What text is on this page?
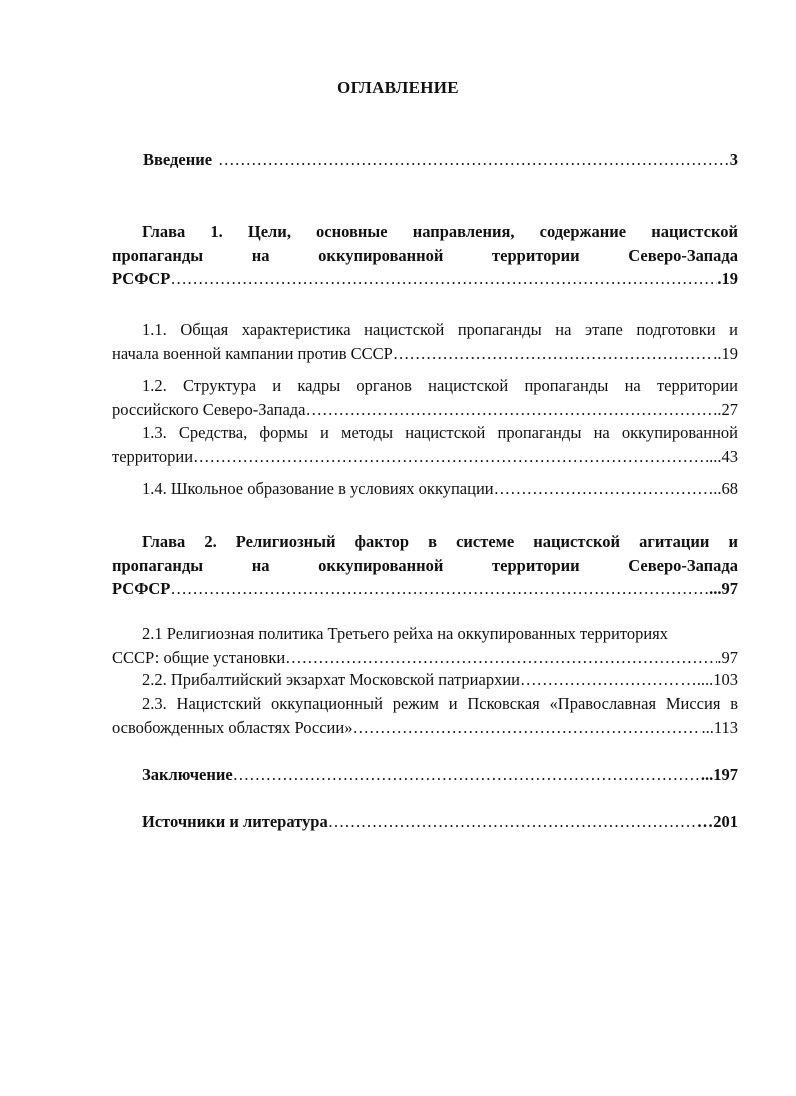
ОГЛАВЛЕНИЕ
Введение ……………………………………………………………………………………………………………………………………………………………………	3
Глава 1. Цели, основные направления, содержание нацистской
пропаганды на оккупированной территории Северо-Запада
РСФСР ……………………………………………………………………………………………………………………………………………………………………	.19
1.1. Общая характеристика нацистской пропаганды на этапе подготовки и
начала военной кампании против СССР ……………………………………………………………………………………………………………………………………………………………………	..19
1.2. Структура и кадры органов нацистской пропаганды на территории
российского Северо-Запада ……………………………………………………………………………………………………………………………………………………………………	..27
1.3. Средства, формы и методы нацистской пропаганды на оккупированной
территории ……………………………………………………………………………………………………………………………………………………………………	...43
1.4. Школьное образование в условиях оккупации ……………………………………………………………………………………………………………………………………………………………………	..68
Глава 2. Религиозный фактор в системе нацистской агитации и
пропаганды на оккупированной территории Северо-Запада
РСФСР ……………………………………………………………………………………………………………………………………………………………………	...97
2.1 Религиозная политика Третьего рейха на оккупированных территориях
СССР: общие установки ……………………………………………………………………………………………………………………………………………………………………	.97
2.2. Прибалтийский экзархат Московской патриархии ……………………………………………………………………………………………………………………………………………………………………	…....103
2.3. Нацистский оккупационный режим и Псковская «Православная Миссия в
освобожденных областях России» ……………………………………………………………………………………………………………………………………………………………………	...113
Заключение ……………………………………………………………………………………………………………………………………………………………………	...197
Источники и литература ……………………………………………………………………………………………………………………………………………………………………	…201
